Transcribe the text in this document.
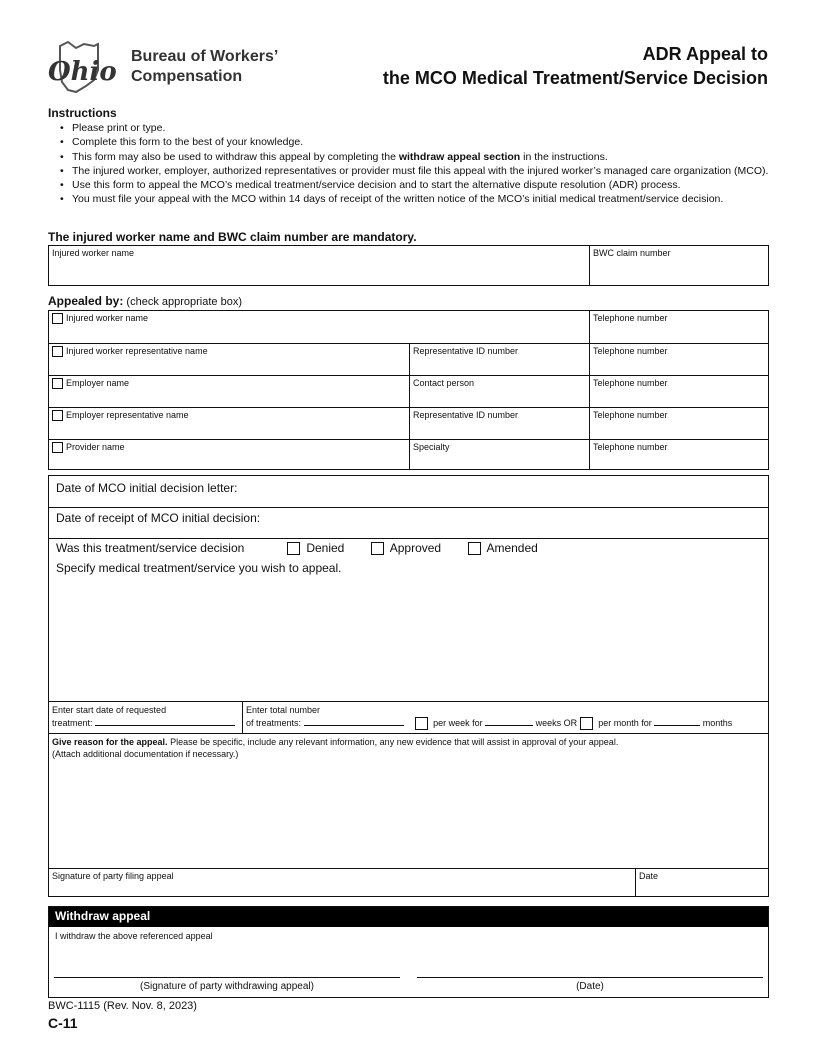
Ohio
Bureau of Workers’
Compensation
ADR Appeal to
the MCO Medical Treatment/Service Decision
Instructions
• Please print or type.
• Complete this form to the best of your knowledge.
• This form may also be used to withdraw this appeal by completing the withdraw appeal section in the instructions.
• The injured worker, employer, authorized representatives or provider must file this appeal with the injured worker’s managed care organization (MCO).
• Use this form to appeal the MCO’s medical treatment/service decision and to start the alternative dispute resolution (ADR) process.
• You must file your appeal with the MCO within 14 days of receipt of the written notice of the MCO’s initial medical treatment/service decision.
The injured worker name and BWC claim number are mandatory.
Injured worker name	BWC claim number
Appealed by: (check appropriate box)
Injured worker name	Telephone number
Injured worker representative name	Representative ID number	Telephone number
Employer name	Contact person	Telephone number
Employer representative name	Representative ID number	Telephone number
Provider name	Specialty	Telephone number
Date of MCO initial decision letter:
Date of receipt of MCO initial decision:
Was this treatment/service decision	Denied	Approved	Amended
Specify medical treatment/service you wish to appeal.
Enter start date of requested
treatment:
Enter total number
of treatments:	per week for	weeks OR per month for	months
Give reason for the appeal. Please be specific, include any relevant information, any new evidence that will assist in approval of your appeal.
(Attach additional documentation if necessary.)
Signature of party filing appeal	Date
Withdraw appeal
I withdraw the above referenced appeal
(Signature of party withdrawing appeal)	(Date)
BWC-1115 (Rev. Nov. 8, 2023)
C-11
